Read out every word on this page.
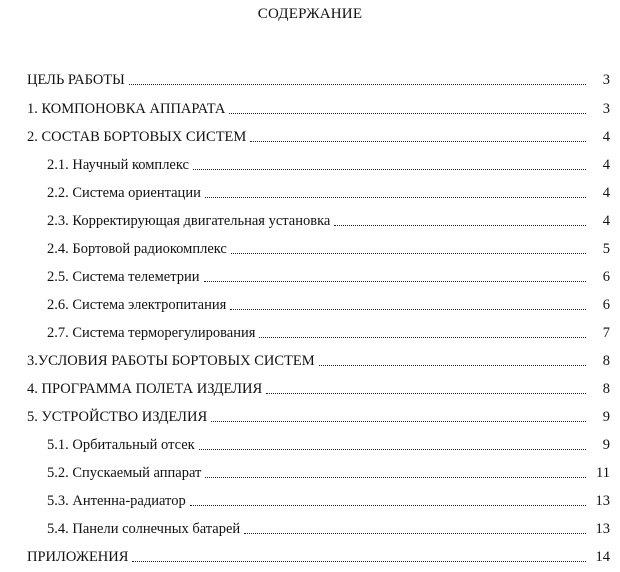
СОДЕРЖАНИЕ
ЦЕЛЬ РАБОТЫ	3
1. КОМПОНОВКА АППАРАТА	3
2. СОСТАВ БОРТОВЫХ СИСТЕМ	4
2.1. Научный комплекс	4
2.2. Система ориентации	4
2.3. Корректирующая двигательная установка	4
2.4. Бортовой радиокомплекс	5
2.5. Система телеметрии	6
2.6. Система электропитания	6
2.7. Система терморегулирования	7
3.УСЛОВИЯ РАБОТЫ БОРТОВЫХ СИСТЕМ	8
4. ПРОГРАММА ПОЛЕТА ИЗДЕЛИЯ	8
5. УСТРОЙСТВО ИЗДЕЛИЯ	9
5.1. Орбитальный отсек	9
5.2. Спускаемый аппарат	11
5.3. Антенна-радиатор	13
5.4. Панели солнечных батарей	13
ПРИЛОЖЕНИЯ	14
